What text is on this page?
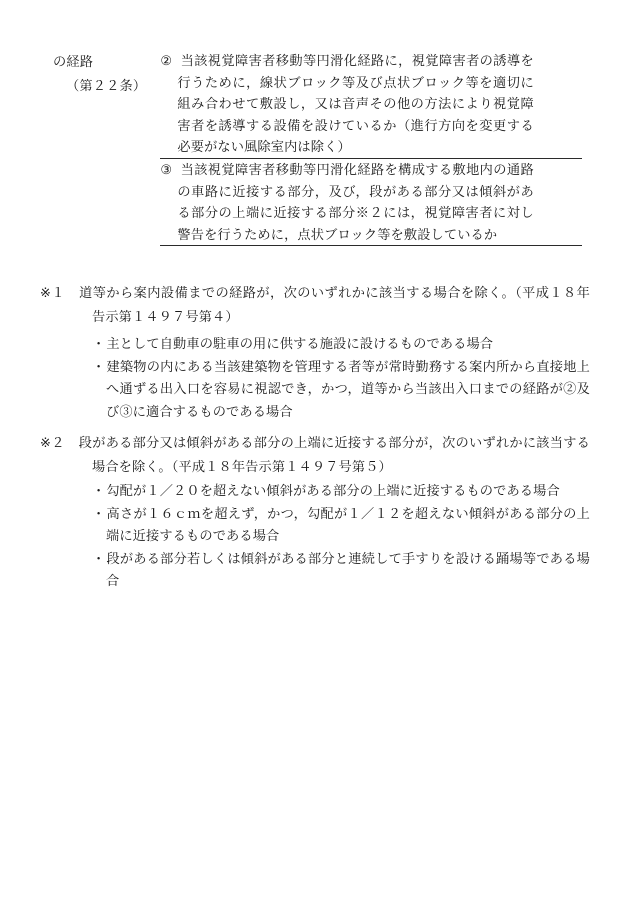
の経路
（第２２条）	② 当該視覚障害者移動等円滑化経路に，視覚障害者の誘導を行うために，線状ブロック等及び点状ブロック等を適切に組み合わせて敷設し，又は音声その他の方法により視覚障害者を誘導する設備を設けているか（進行方向を変更する必要がない風除室内は除く）	

	③ 当該視覚障害者移動等円滑化経路を構成する敷地内の通路の車路に近接する部分，及び，段がある部分又は傾斜がある部分の上端に近接する部分※２には，視覚障害者に対し警告を行うために，点状ブロック等を敷設しているか	

※１ 道等から案内設備までの経路が，次のいずれかに該当する場合を除く。（平成１８年告示第１４９７号第４）
・主として自動車の駐車の用に供する施設に設けるものである場合
・建築物の内にある当該建築物を管理する者等が常時勤務する案内所から直接地上へ通ずる出入口を容易に視認でき，かつ，道等から当該出入口までの経路が②及び③に適合するものである場合
※２ 段がある部分又は傾斜がある部分の上端に近接する部分が，次のいずれかに該当する場合を除く。（平成１８年告示第１４９７号第５）
・勾配が１／２０を超えない傾斜がある部分の上端に近接するものである場合
・高さが１６ｃｍを超えず，かつ，勾配が１／１２を超えない傾斜がある部分の上端に近接するものである場合
・段がある部分若しくは傾斜がある部分と連続して手すりを設ける踊場等である場合
